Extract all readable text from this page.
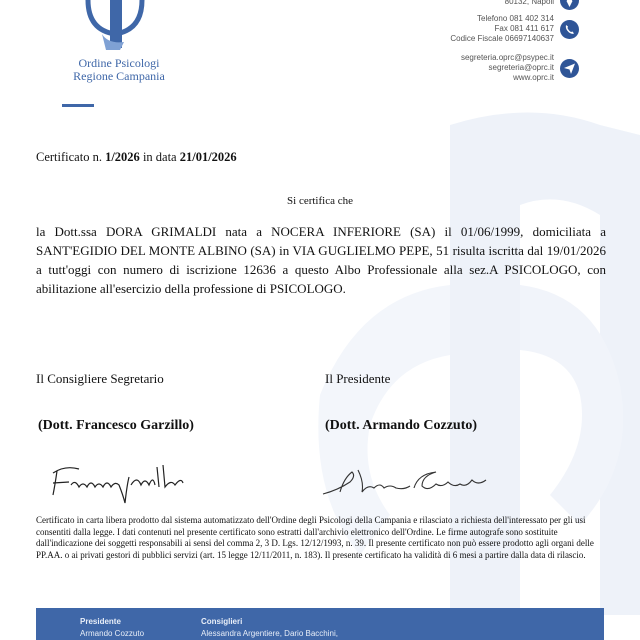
Ordine Psicologi
Regione Campania
80132, Napoli
Telefono 081 402 314
Fax 081 411 617
Codice Fiscale 06697140637
segreteria.oprc@psypec.it
segreteria@oprc.it
www.oprc.it
Certificato n. 1/2026 in data 21/01/2026
Si certifica che
la Dott.ssa DORA GRIMALDI nata a NOCERA INFERIORE (SA) il 01/06/1999, domiciliata a SANT'EGIDIO DEL MONTE ALBINO (SA) in VIA GUGLIELMO PEPE, 51 risulta iscritta dal 19/01/2026 a tutt'oggi con numero di iscrizione 12636 a questo Albo Professionale alla sez.A PSICOLOGO, con abilitazione all'esercizio della professione di PSICOLOGO.
Il Consigliere Segretario	Il Presidente
(Dott. Francesco Garzillo)	(Dott. Armando Cozzuto)
Certificato in carta libera prodotto dal sistema automatizzato dell'Ordine degli Psicologi della Campania e rilasciato a richiesta dell'interessato per gli usi consentiti dalla legge. I dati contenuti nel presente certificato sono estratti dall'archivio elettronico dell'Ordine. Le firme autografe sono sostituite dall'indicazione dei soggetti responsabili ai sensi del comma 2, 3 D. Lgs. 12/12/1993, n. 39. Il presente certificato non può essere prodotto agli organi delle PP.AA. o ai privati gestori di pubblici servizi (art. 15 legge 12/11/2011, n. 183). Il presente certificato ha validità di 6 mesi a partire dalla data di rilascio.
Presidente
Armando Cozzuto
Consiglieri
Alessandra Argentiere, Dario Bacchini,
